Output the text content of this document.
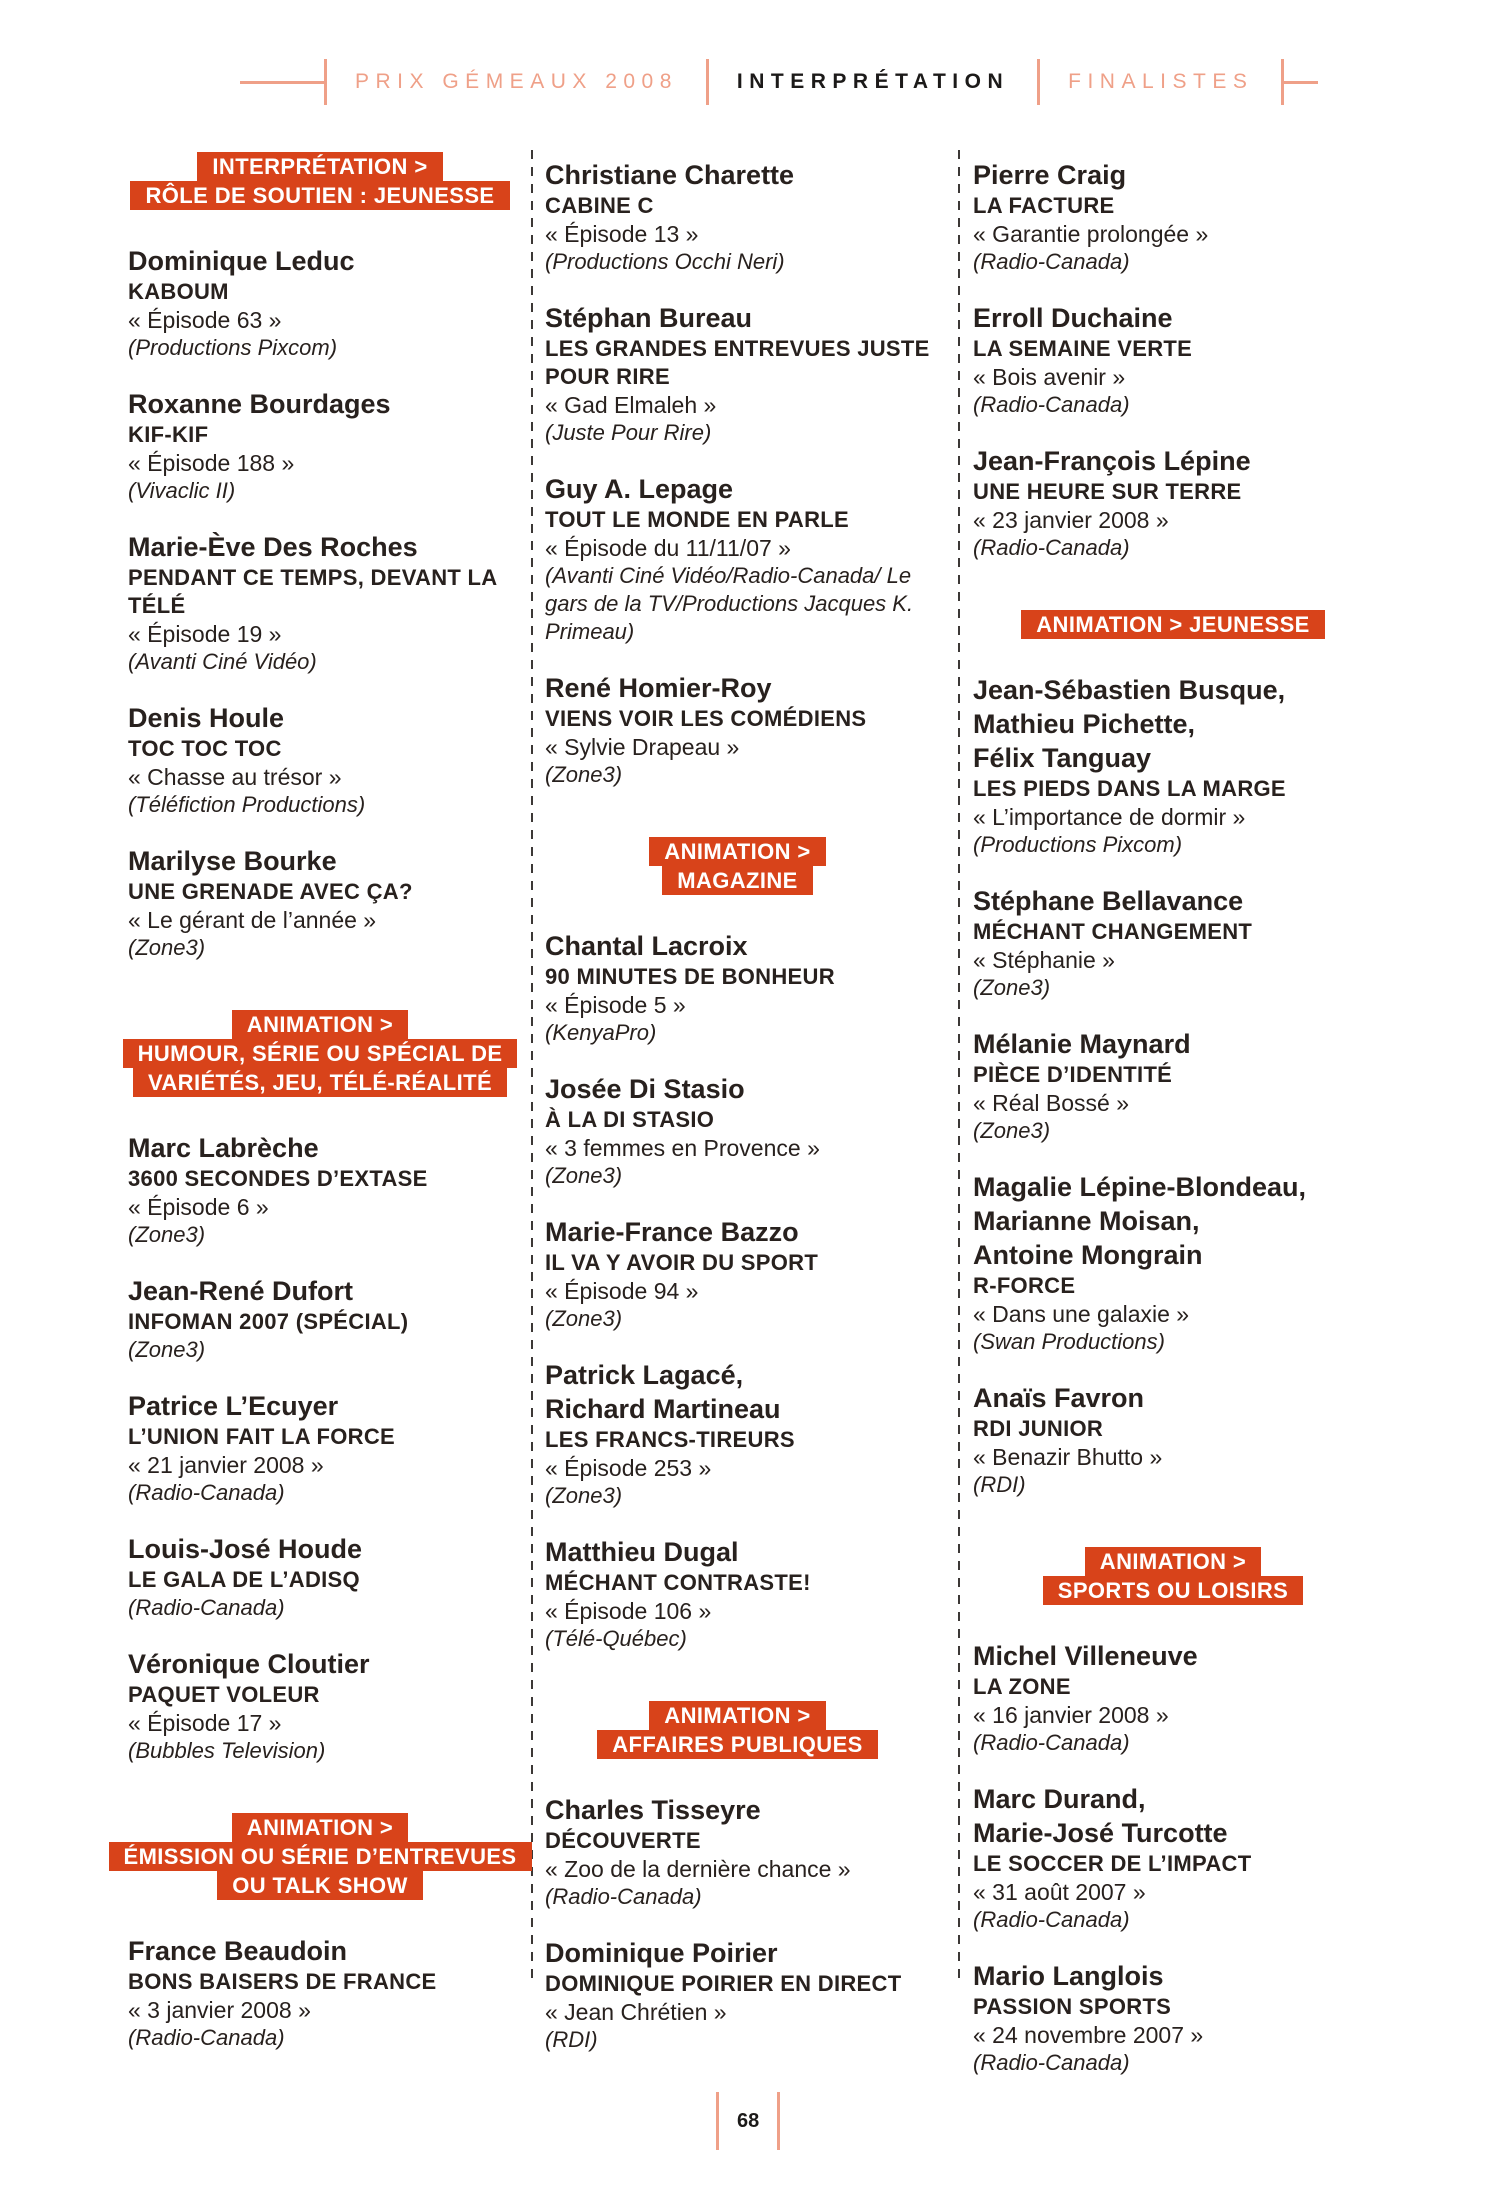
PRIX GÉMEAUX 2008	INTERPRÉTATION	FINALISTES
INTERPRÉTATION >
RÔLE DE SOUTIEN : JEUNESSE
Dominique Leduc
KABOUM
« Épisode 63 »
(Productions Pixcom)
Roxanne Bourdages
KIF-KIF
« Épisode 188 »
(Vivaclic II)
Marie-Ève Des Roches
PENDANT CE TEMPS, DEVANT LA TÉLÉ
« Épisode 19 »
(Avanti Ciné Vidéo)
Denis Houle
TOC TOC TOC
« Chasse au trésor »
(Téléfiction Productions)
Marilyse Bourke
UNE GRENADE AVEC ÇA?
« Le gérant de l’année »
(Zone3)
ANIMATION >
HUMOUR, SÉRIE OU SPÉCIAL DE
VARIÉTÉS, JEU, TÉLÉ-RÉALITÉ
Marc Labrèche
3600 SECONDES D’EXTASE
« Épisode 6 »
(Zone3)
Jean-René Dufort
INFOMAN 2007 (SPÉCIAL)
(Zone3)
Patrice L’Ecuyer
L’UNION FAIT LA FORCE
« 21 janvier 2008 »
(Radio-Canada)
Louis-José Houde
LE GALA DE L’ADISQ
(Radio-Canada)
Véronique Cloutier
PAQUET VOLEUR
« Épisode 17 »
(Bubbles Television)
ANIMATION >
ÉMISSION OU SÉRIE D’ENTREVUES
OU TALK SHOW
France Beaudoin
BONS BAISERS DE FRANCE
« 3 janvier 2008 »
(Radio-Canada)
Christiane Charette
CABINE C
« Épisode 13 »
(Productions Occhi Neri)
Stéphan Bureau
LES GRANDES ENTREVUES JUSTE POUR RIRE
« Gad Elmaleh »
(Juste Pour Rire)
Guy A. Lepage
TOUT LE MONDE EN PARLE
« Épisode du 11/11/07 »
(Avanti Ciné Vidéo/Radio-Canada/ Le gars de la TV/Productions Jacques K. Primeau)
René Homier-Roy
VIENS VOIR LES COMÉDIENS
« Sylvie Drapeau »
(Zone3)
ANIMATION >
MAGAZINE
Chantal Lacroix
90 MINUTES DE BONHEUR
« Épisode 5 »
(KenyaPro)
Josée Di Stasio
À LA DI STASIO
« 3 femmes en Provence »
(Zone3)
Marie-France Bazzo
IL VA Y AVOIR DU SPORT
« Épisode 94 »
(Zone3)
Patrick Lagacé,
Richard Martineau
LES FRANCS-TIREURS
« Épisode 253 »
(Zone3)
Matthieu Dugal
MÉCHANT CONTRASTE!
« Épisode 106 »
(Télé-Québec)
ANIMATION >
AFFAIRES PUBLIQUES
Charles Tisseyre
DÉCOUVERTE
« Zoo de la dernière chance »
(Radio-Canada)
Dominique Poirier
DOMINIQUE POIRIER EN DIRECT
« Jean Chrétien »
(RDI)
Pierre Craig
LA FACTURE
« Garantie prolongée »
(Radio-Canada)
Erroll Duchaine
LA SEMAINE VERTE
« Bois avenir »
(Radio-Canada)
Jean-François Lépine
UNE HEURE SUR TERRE
« 23 janvier 2008 »
(Radio-Canada)
ANIMATION > JEUNESSE
Jean-Sébastien Busque,
Mathieu Pichette,
Félix Tanguay
LES PIEDS DANS LA MARGE
« L’importance de dormir »
(Productions Pixcom)
Stéphane Bellavance
MÉCHANT CHANGEMENT
« Stéphanie »
(Zone3)
Mélanie Maynard
PIÈCE D’IDENTITÉ
« Réal Bossé »
(Zone3)
Magalie Lépine-Blondeau,
Marianne Moisan,
Antoine Mongrain
R-FORCE
« Dans une galaxie »
(Swan Productions)
Anaïs Favron
RDI JUNIOR
« Benazir Bhutto »
(RDI)
ANIMATION >
SPORTS OU LOISIRS
Michel Villeneuve
LA ZONE
« 16 janvier 2008 »
(Radio-Canada)
Marc Durand,
Marie-José Turcotte
LE SOCCER DE L’IMPACT
« 31 août 2007 »
(Radio-Canada)
Mario Langlois
PASSION SPORTS
« 24 novembre 2007 »
(Radio-Canada)
68
